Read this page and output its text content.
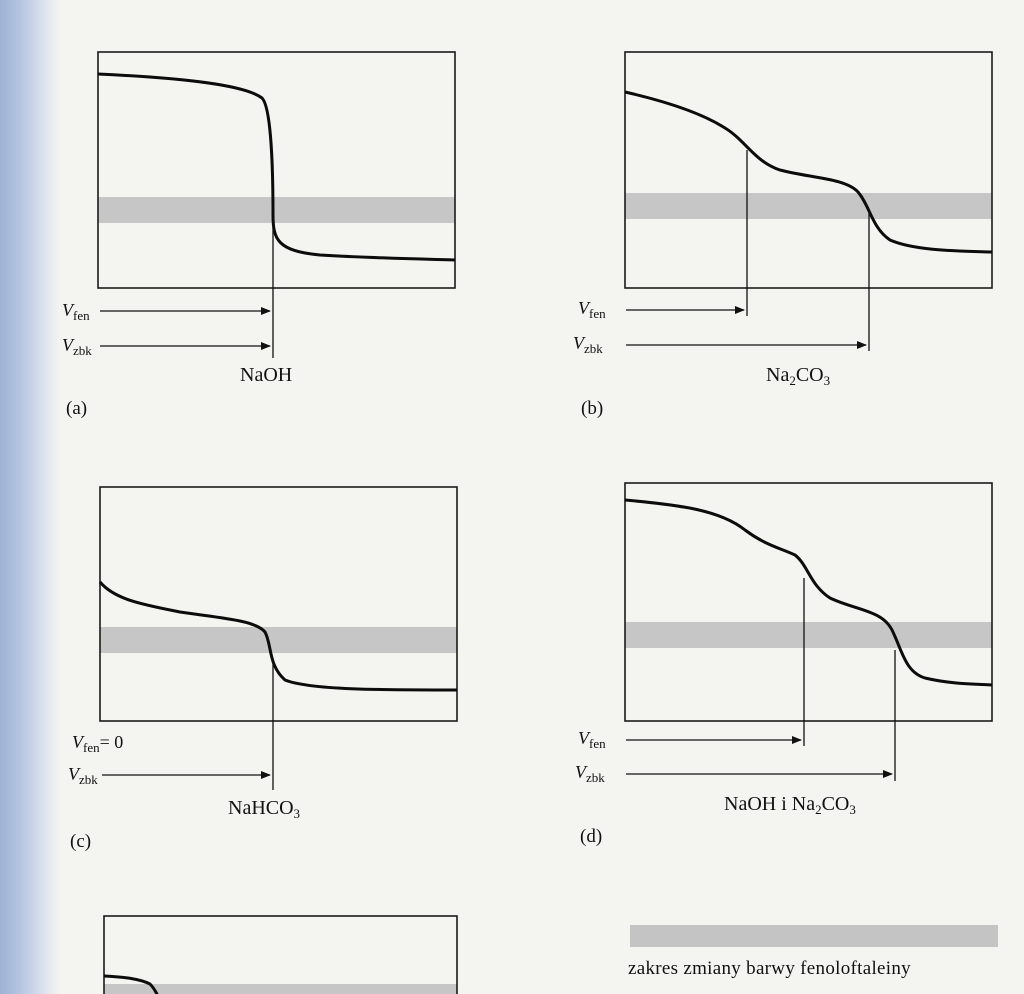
$V_{fen}$
$V_{zbk}$
NaOH
(a)
$V_{fen}$
$V_{zbk}$
$Na_2CO_3$
(b)
$V_{fen}= 0$
$V_{zbk}$
NaHCO$_3$
(c)
$V_{fen}$
$V_{zbk}$
NaOH i $Na_2CO_3$
(d)
zakres zmiany barwy fenoloftaleiny
